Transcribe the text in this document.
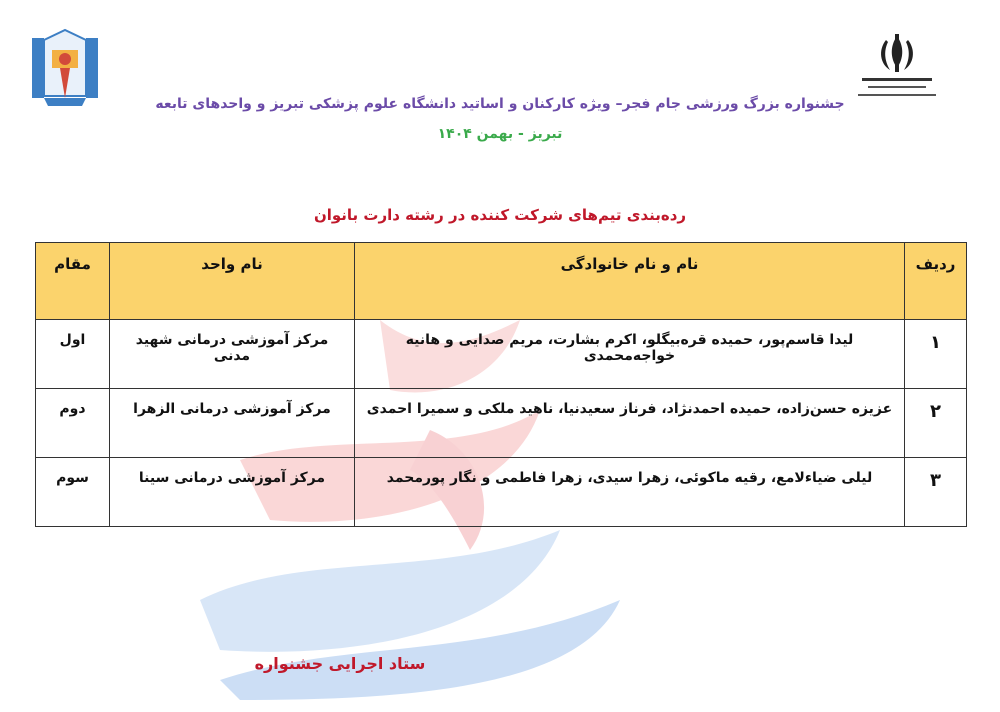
جشنواره بزرگ ورزشی جام فجر– ویژه کارکنان و اساتید دانشگاه علوم پزشکی تبریز و واحدهای تابعه

تبریز - بهمن ۱۴۰۴

رده‌بندی تیم‌های شرکت کننده در رشته دارت بانوان

ردیف	نام و نام خانوادگی	نام واحد	مقام
۱	لیدا قاسم‌پور، حمیده قره‌بیگلو، اکرم بشارت، مریم صدایی و هانیه خواجه‌محمدی	مرکز آموزشی درمانی شهید مدنی	اول
۲	عزیزه حسن‌زاده، حمیده احمدنژاد، فرناز سعیدنیا، ناهید ملکی و سمیرا احمدی	مرکز آموزشی درمانی الزهرا	دوم
۳	لیلی ضیاءلامع، رقیه ماکوئی، زهرا سیدی، زهرا فاطمی و نگار پورمحمد	مرکز آموزشی درمانی سینا	سوم

ستاد اجرایی جشنواره
